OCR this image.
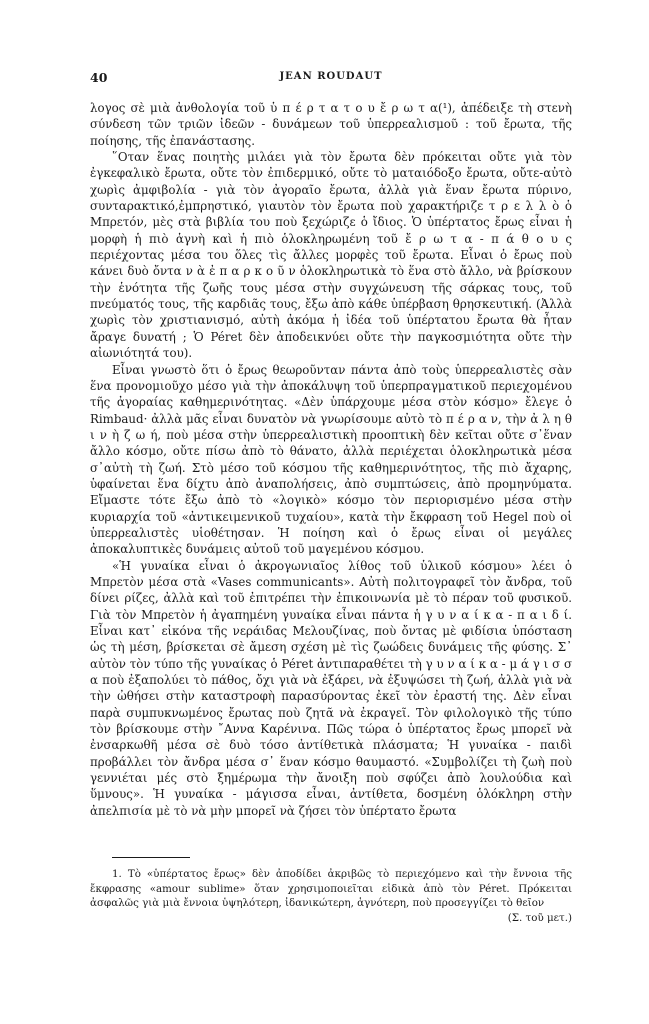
40	JEAN ROUDAUT

λογος σὲ μιὰ ἀνθολογία τοῦ ὑ π έ ρ τ α τ ο υ ἔ ρ ω τ α(¹), ἀπέδειξε τὴ στενὴ σύνδεση τῶν τριῶν ἰδεῶν - δυνάμεων τοῦ ὑπερρεαλισμοῦ : τοῦ ἔρωτα, τῆς ποίησης, τῆς ἐπανάστασης.

῞Οταν ἕνας ποιητὴς μιλάει γιὰ τὸν ἔρωτα δὲν πρόκειται οὔτε γιὰ τὸν ἐγκεφαλικὸ ἔρωτα, οὔτε τὸν ἐπιδερμικό, οὔτε τὸ ματαιόδοξο ἔρωτα, οὔτε-αὐτὸ χωρὶς ἀμφιβολία - γιὰ τὸν ἀγοραῖο ἔρωτα, ἀλλὰ γιὰ ἕναν ἔρωτα πύρινο, συνταρακτικό,ἐμπρηστικό, γιαυτὸν τὸν ἔρωτα ποὺ χαρακτήριζε τ ρ ε λ λ ὸ ὁ Μπρετόν, μὲς στὰ βιβλία του ποὺ ξεχώριζε ὁ ἴδιος. Ὁ ὑπέρτατος ἔρως εἶναι ἡ μορφὴ ἡ πιὸ ἁγνὴ καὶ ἡ πιὸ ὁλοκληρωμένη τοῦ ἔ ρ ω τ α - π ά θ ο υ ς περιέχοντας μέσα του ὅλες τὶς ἄλλες μορφὲς τοῦ ἔρωτα. Εἶναι ὁ ἔρως ποὺ κάνει δυὸ ὄντα ν ὰ ἐ π α ρ κ ο ῦ ν ὁλοκληρωτικὰ τὸ ἕνα στὸ ἄλλο, νὰ βρίσκουν τὴν ἑνότητα τῆς ζωῆς τους μέσα στὴν συγχώνευση τῆς σάρκας τους, τοῦ πνεύματός τους, τῆς καρδιᾶς τους, ἔξω ἀπὸ κάθε ὑπέρβαση θρησκευτική. (Ἀλλὰ χωρὶς τὸν χριστιανισμό, αὐτὴ ἀκόμα ἡ ἰδέα τοῦ ὑπέρτατου ἔρωτα θὰ ἦταν ἄραγε δυνατή ; Ὁ Péret δὲν ἀποδεικνύει οὔτε τὴν παγκοσμιότητα οὔτε τὴν αἰωνιότητά του).

Εἶναι γνωστὸ ὅτι ὁ ἔρως θεωροῦνταν πάντα ἀπὸ τοὺς ὑπερρεαλιστὲς σὰν ἕνα προνομιοῦχο μέσο γιὰ τὴν ἀποκάλυψη τοῦ ὑπερπραγματικοῦ περιεχομένου τῆς ἀγοραίας καθημερινότητας. «Δὲν ὑπάρχουμε μέσα στὸν κόσμο» ἔλεγε ὁ Rimbaud· ἀλλὰ μᾶς εἶναι δυνατὸν νὰ γνωρίσουμε αὐτὸ τὸ π έ ρ α ν, τὴν ἀ λ η θ ι ν ὴ ζ ω ή, ποὺ μέσα στὴν ὑπερρεαλιστικὴ προοπτικὴ δὲν κεῖται οὔτε σ᾿ἕναν ἄλλο κόσμο, οὔτε πίσω ἀπὸ τὸ θάνατο, ἀλλὰ περιέχεται ὁλοκληρωτικὰ μέσα σ᾿αὐτὴ τὴ ζωή. Στὸ μέσο τοῦ κόσμου τῆς καθημερινότητος, τῆς πιὸ ἄχαρης, ὑφαίνεται ἕνα δίχτυ ἀπὸ ἀναπολήσεις, ἀπὸ συμπτώσεις, ἀπὸ προμηνύματα. Εἴμαστε τότε ἔξω ἀπὸ τὸ «λογικὸ» κόσμο τὸν περιορισμένο μέσα στὴν κυριαρχία τοῦ «ἀντικειμενικοῦ τυχαίου», κατὰ τὴν ἔκφραση τοῦ Hegel ποὺ οἱ ὑπερρεαλιστὲς υἱοθέτησαν. Ἡ ποίηση καὶ ὁ ἔρως εἶναι οἱ μεγάλες ἀποκαλυπτικὲς δυνάμεις αὐτοῦ τοῦ μαγεμένου κόσμου.

«Ἡ γυναίκα εἶναι ὁ ἀκρογωνιαῖος λίθος τοῦ ὑλικοῦ κόσμου» λέει ὁ Μπρετὸν μέσα στὰ «Vases communicants». Αὐτὴ πολιτογραφεῖ τὸν ἄνδρα, τοῦ δίνει ρίζες, ἀλλὰ καὶ τοῦ ἐπιτρέπει τὴν ἐπικοινωνία μὲ τὸ πέραν τοῦ φυσικοῦ. Γιὰ τὸν Μπρετὸν ἡ ἀγαπημένη γυναίκα εἶναι πάντα ἡ γ υ ν α ί κ α - π α ι δ ί. Εἶναι κατ᾿ εἰκόνα τῆς νεράιδας Μελουζίνας, ποὺ ὄντας μὲ φιδίσια ὑπόσταση ὡς τὴ μέση, βρίσκεται σὲ ἄμεση σχέση μὲ τὶς ζωώδεις δυνάμεις τῆς φύσης. Σ᾿ αὐτὸν τὸν τύπο τῆς γυναίκας ὁ Péret ἀντιπαραθέτει τὴ γ υ ν α ί κ α - μ ά γ ι σ σ α ποὺ ἐξαπολύει τὸ πάθος, ὄχι γιὰ νὰ ἐξάρει, νὰ ἐξυψώσει τὴ ζωή, ἀλλὰ γιὰ νὰ τὴν ὠθήσει στὴν καταστροφὴ παρασύροντας ἐκεῖ τὸν ἐραστή της. Δὲν εἶναι παρὰ συμπυκνωμένος ἔρωτας ποὺ ζητᾶ νὰ ἐκραγεῖ. Τὸν φιλολογικὸ τῆς τύπο τὸν βρίσκουμε στὴν ῎Αννα Καρένινα. Πῶς τώρα ὁ ὑπέρτατος ἔρως μπορεῖ νὰ ἐνσαρκωθῆ μέσα σὲ δυὸ τόσο ἀντίθετικὰ πλάσματα; Ἡ γυναίκα - παιδὶ προβάλλει τὸν ἄνδρα μέσα σ᾿ ἕναν κόσμο θαυμαστό. «Συμβολίζει τὴ ζωὴ ποὺ γεννιέται μές στὸ ξημέρωμα τὴν ἄνοιξη ποὺ σφύζει ἀπὸ λουλούδια καὶ ὕμνους». Ἡ γυναίκα - μάγισσα εἶναι, ἀντίθετα, δοσμένη ὁλόκληρη στὴν ἀπελπισία μὲ τὸ νὰ μὴν μπορεῖ νὰ ζήσει τὸν ὑπέρτατο ἔρωτα

1. Τὸ «ὑπέρτατος ἔρως» δὲν ἀποδίδει ἀκριβῶς τὸ περιεχόμενο καὶ τὴν ἔννοια τῆς ἔκφρασης «amour sublime» ὅταν χρησιμοποιεῖται εἰδικὰ ἀπὸ τὸν Péret. Πρόκειται ἀσφαλῶς γιὰ μιὰ ἔννοια ὑψηλότερη, ἰδανικώτερη, ἁγνότερη, ποὺ προσεγγίζει τὸ θεῖον

(Σ. τοῦ μετ.)
